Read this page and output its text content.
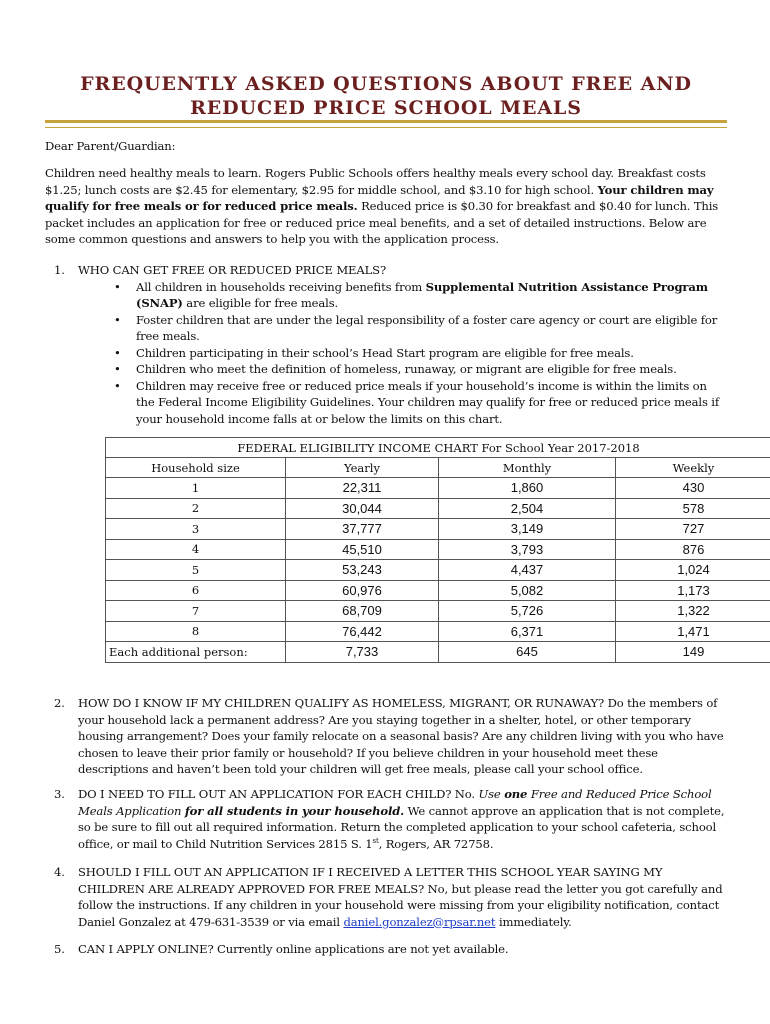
FREQUENTLY ASKED QUESTIONS ABOUT FREE AND
REDUCED PRICE SCHOOL MEALS
Dear Parent/Guardian:
Children need healthy meals to learn. Rogers Public Schools offers healthy meals every school day. Breakfast costs $1.25; lunch costs are $2.45 for elementary, $2.95 for middle school, and $3.10 for high school. Your children may qualify for free meals or for reduced price meals. Reduced price is $0.30 for breakfast and $0.40 for lunch. This packet includes an application for free or reduced price meal benefits, and a set of detailed instructions. Below are some common questions and answers to help you with the application process.
1. WHO CAN GET FREE OR REDUCED PRICE MEALS?
• All children in households receiving benefits from Supplemental Nutrition Assistance Program (SNAP) are eligible for free meals.
• Foster children that are under the legal responsibility of a foster care agency or court are eligible for free meals.
• Children participating in their school’s Head Start program are eligible for free meals.
• Children who meet the definition of homeless, runaway, or migrant are eligible for free meals.
• Children may receive free or reduced price meals if your household’s income is within the limits on the Federal Income Eligibility Guidelines. Your children may qualify for free or reduced price meals if your household income falls at or below the limits on this chart.
FEDERAL ELIGIBILITY INCOME CHART For School Year 2017-2018			
Household size	Yearly	Monthly	Weekly
1	22,311	1,860	430
2	30,044	2,504	578
3	37,777	3,149	727
4	45,510	3,793	876
5	53,243	4,437	1,024
6	60,976	5,082	1,173
7	68,709	5,726	1,322
8	76,442	6,371	1,471
Each additional person:	7,733	645	149
2. HOW DO I KNOW IF MY CHILDREN QUALIFY AS HOMELESS, MIGRANT, OR RUNAWAY? Do the members of your household lack a permanent address? Are you staying together in a shelter, hotel, or other temporary housing arrangement? Does your family relocate on a seasonal basis? Are any children living with you who have chosen to leave their prior family or household? If you believe children in your household meet these descriptions and haven’t been told your children will get free meals, please call your school office.
3. DO I NEED TO FILL OUT AN APPLICATION FOR EACH CHILD? No. Use one Free and Reduced Price School Meals Application for all students in your household. We cannot approve an application that is not complete, so be sure to fill out all required information. Return the completed application to your school cafeteria, school office, or mail to Child Nutrition Services 2815 S. 1st, Rogers, AR 72758.
4. SHOULD I FILL OUT AN APPLICATION IF I RECEIVED A LETTER THIS SCHOOL YEAR SAYING MY CHILDREN ARE ALREADY APPROVED FOR FREE MEALS? No, but please read the letter you got carefully and follow the instructions. If any children in your household were missing from your eligibility notification, contact Daniel Gonzalez at 479-631-3539 or via email daniel.gonzalez@rpsar.net immediately.
5. CAN I APPLY ONLINE? Currently online applications are not yet available.
